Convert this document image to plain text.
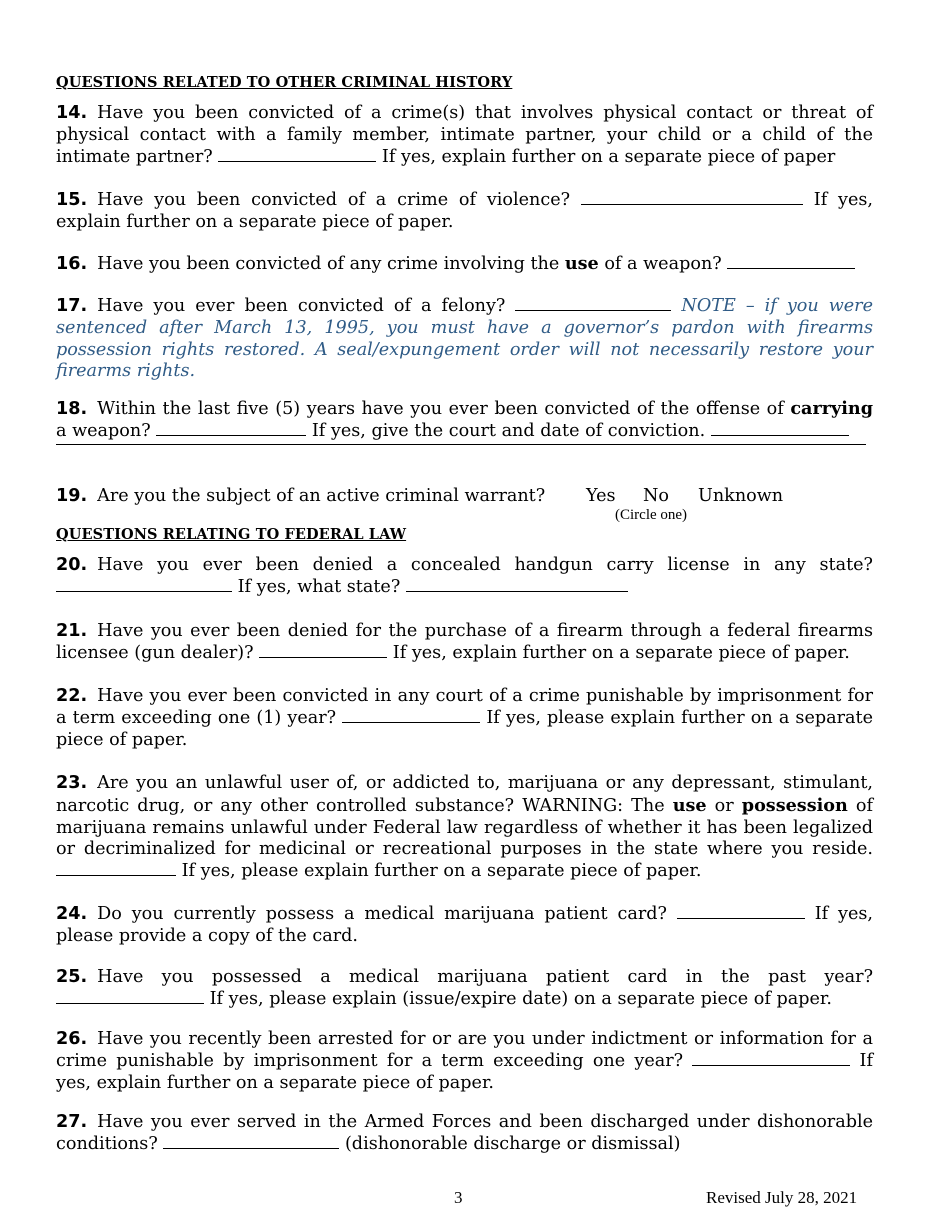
QUESTIONS RELATED TO OTHER CRIMINAL HISTORY
14. Have you been convicted of a crime(s) that involves physical contact or threat of physical contact with a family member, intimate partner, your child or a child of the intimate partner?	If yes, explain further on a separate piece of paper
15. Have you been convicted of a crime of violence?	If yes, explain further on a separate piece of paper.
16. Have you been convicted of any crime involving the use of a weapon?
17. Have you ever been convicted of a felony?	NOTE – if you were sentenced after March 13, 1995, you must have a governor’s pardon with firearms possession rights restored. A seal/expungement order will not necessarily restore your firearms rights.
18. Within the last five (5) years have you ever been convicted of the offense of carrying a weapon?	If yes, give the court and date of conviction.
19. Are you the subject of an active criminal warrant?	Yes No Unknown
(Circle one)
QUESTIONS RELATING TO FEDERAL LAW
20. Have you ever been denied a concealed handgun carry license in any state?  If yes, what state?
21. Have you ever been denied for the purchase of a firearm through a federal firearms licensee (gun dealer)?	If yes, explain further on a separate piece of paper.
22. Have you ever been convicted in any court of a crime punishable by imprisonment for a term exceeding one (1) year?	If yes, please explain further on a separate piece of paper.
23. Are you an unlawful user of, or addicted to, marijuana or any depressant, stimulant, narcotic drug, or any other controlled substance? WARNING: The use or possession of marijuana remains unlawful under Federal law regardless of whether it has been legalized or decriminalized for medicinal or recreational purposes in the state where you reside.  If yes, please explain further on a separate piece of paper.
24. Do you currently possess a medical marijuana patient card?	If yes, please provide a copy of the card.
25. Have you possessed a medical marijuana patient card in the past year?  If yes, please explain (issue/expire date) on a separate piece of paper.
26. Have you recently been arrested for or are you under indictment or information for a crime punishable by imprisonment for a term exceeding one year?	If yes, explain further on a separate piece of paper.
27. Have you ever served in the Armed Forces and been discharged under dishonorable conditions?	(dishonorable discharge or dismissal)
3	Revised July 28, 2021
